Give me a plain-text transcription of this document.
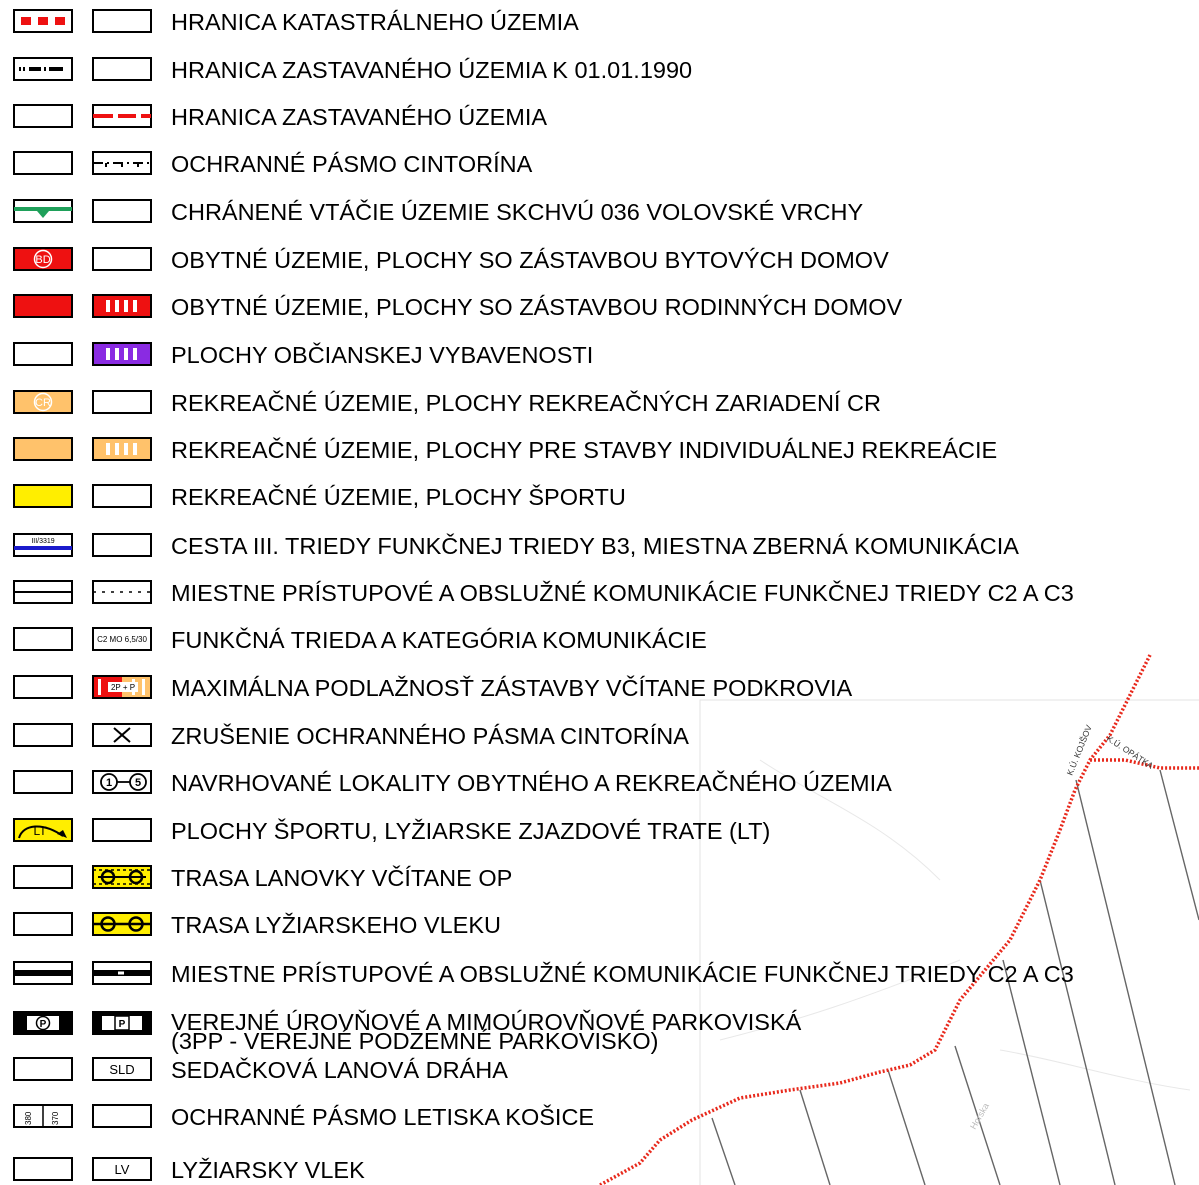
K.Ú. KOJŠOV K.Ú. OPÁTKA
Horska
HRANICA KATASTRÁLNEHO ÚZEMIA
HRANICA ZASTAVANÉHO ÚZEMIA K 01.01.1990
HRANICA ZASTAVANÉHO ÚZEMIA
OCHRANNÉ PÁSMO CINTORÍNA
CHRÁNENÉ VTÁČIE ÚZEMIE SKCHVÚ 036 VOLOVSKÉ VRCHY
BD	OBYTNÉ ÚZEMIE, PLOCHY SO ZÁSTAVBOU BYTOVÝCH DOMOV
OBYTNÉ ÚZEMIE, PLOCHY SO ZÁSTAVBOU RODINNÝCH DOMOV
PLOCHY OBČIANSKEJ VYBAVENOSTI
CR	REKREAČNÉ ÚZEMIE, PLOCHY REKREAČNÝCH ZARIADENÍ CR
REKREAČNÉ ÚZEMIE, PLOCHY PRE STAVBY INDIVIDUÁLNEJ REKREÁCIE
REKREAČNÉ ÚZEMIE, PLOCHY ŠPORTU
III/3319	CESTA III. TRIEDY FUNKČNEJ TRIEDY B3, MIESTNA ZBERNÁ KOMUNIKÁCIA
MIESTNE PRÍSTUPOVÉ A OBSLUŽNÉ KOMUNIKÁCIE FUNKČNEJ TRIEDY C2 A C3
C2 MO 6,5/30 FUNKČNÁ TRIEDA A KATEGÓRIA KOMUNIKÁCIE
2P + P MAXIMÁLNA PODLAŽNOSŤ ZÁSTAVBY VČÍTANE PODKROVIA
ZRUŠENIE OCHRANNÉHO PÁSMA CINTORÍNA
1 5 NAVRHOVANÉ LOKALITY OBYTNÉHO A REKREAČNÉHO ÚZEMIA
LT	PLOCHY ŠPORTU, LYŽIARSKE ZJAZDOVÉ TRATE (LT)
TRASA LANOVKY VČÍTANE OP
TRASA LYŽIARSKEHO VLEKU
MIESTNE PRÍSTUPOVÉ A OBSLUŽNÉ KOMUNIKÁCIE FUNKČNEJ TRIEDY C2 A C3
P	P VEREJNÉ ÚROVŇOVÉ A MIMOÚROVŇOVÉ PARKOVISKÁ
(3PP - VEREJNÉ PODZEMNÉ PARKOVISKO)
SLD SEDAČKOVÁ LANOVÁ DRÁHA
380 370	OCHRANNÉ PÁSMO LETISKA KOŠICE
LV LYŽIARSKY VLEK
